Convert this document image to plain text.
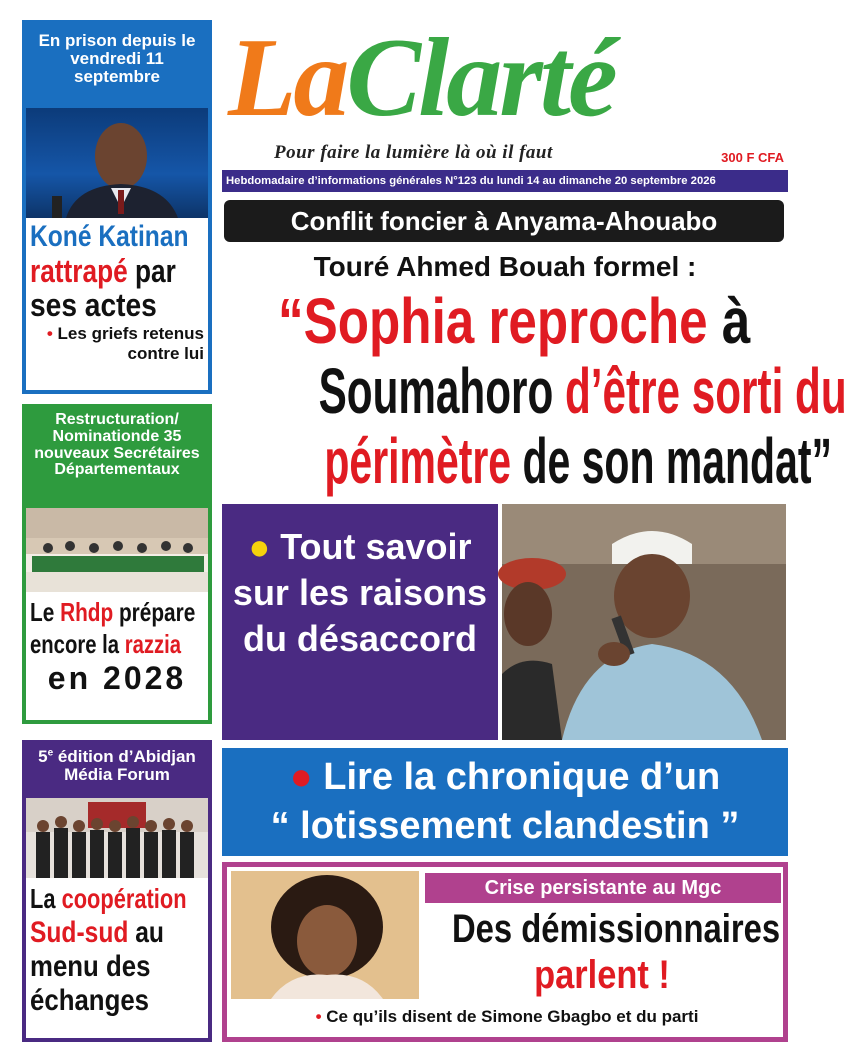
En prison depuis le vendredi 11 septembre
Koné Katinan
rattrapé par
ses actes
• Les griefs retenus contre lui
Restructuration/ Nominationde 35 nouveaux Secrétaires Départementaux
Le Rhdp prépare
encore la razzia
en 2028
5e édition d’Abidjan Média Forum
La coopération
Sud-sud au
menu des
échanges
LaClarté
Pour faire la lumière là où il faut	300 F CFA
Hebdomadaire d’informations générales N°123 du lundi 14 au dimanche 20 septembre 2026
Conflit foncier à Anyama-Ahouabo
Touré Ahmed Bouah formel :
“Sophia reproche à
Soumahoro d’être sorti du
périmètre de son mandat”
● Tout savoir sur les raisons du désaccord
● Lire la chronique d’un
“ lotissement clandestin ”
Crise persistante au Mgc
Des démissionnaires
parlent !
• Ce qu’ils disent de Simone Gbagbo et du parti
